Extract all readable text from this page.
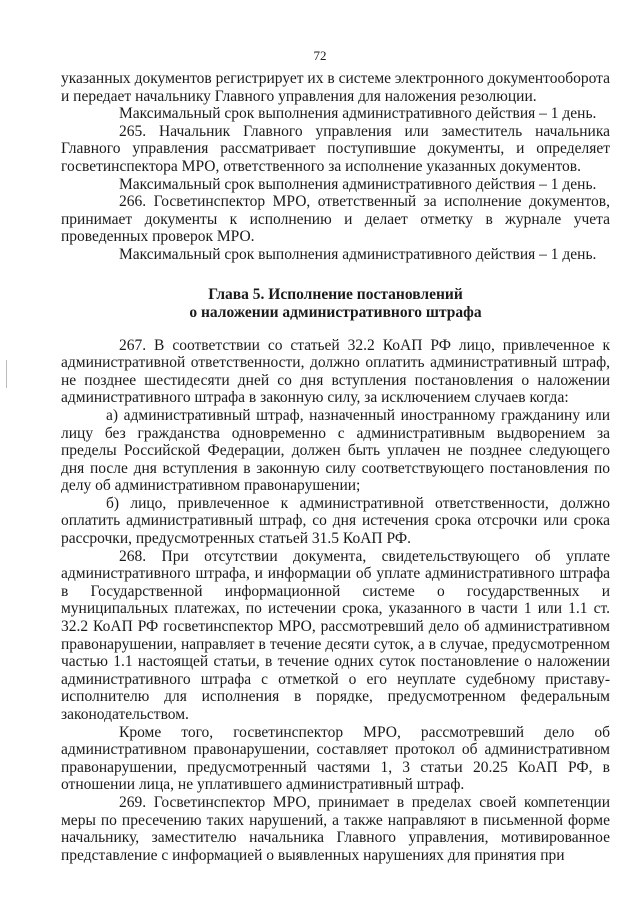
72

указанных документов регистрирует их в системе электронного документооборота и передает начальнику Главного управления для наложения резолюции.

Максимальный срок выполнения административного действия – 1 день.

265. Начальник Главного управления или заместитель начальника Главного управления рассматривает поступившие документы, и определяет госветинспектора МРО, ответственного за исполнение указанных документов.

Максимальный срок выполнения административного действия – 1 день.

266. Госветинспектор МРО, ответственный за исполнение документов, принимает документы к исполнению и делает отметку в журнале учета проведенных проверок МРО.

Максимальный срок выполнения административного действия – 1 день.

Глава 5. Исполнение постановлений
о наложении административного штрафа

267. В соответствии со статьей 32.2 КоАП РФ лицо, привлеченное к административной ответственности, должно оплатить административный штраф, не позднее шестидесяти дней со дня вступления постановления о наложении административного штрафа в законную силу, за исключением случаев когда:

а) административный штраф, назначенный иностранному гражданину или лицу без гражданства одновременно с административным выдворением за пределы Российской Федерации, должен быть уплачен не позднее следующего дня после дня вступления в законную силу соответствующего постановления по делу об административном правонарушении;

б) лицо, привлеченное к административной ответственности, должно оплатить административный штраф, со дня истечения срока отсрочки или срока рассрочки, предусмотренных статьей 31.5 КоАП РФ.

268. При отсутствии документа, свидетельствующего об уплате административного штрафа, и информации об уплате административного штрафа в Государственной информационной системе о государственных и муниципальных платежах, по истечении срока, указанного в части 1 или 1.1 ст. 32.2 КоАП РФ госветинспектор МРО, рассмотревший дело об административном правонарушении, направляет в течение десяти суток, а в случае, предусмотренном частью 1.1 настоящей статьи, в течение одних суток постановление о наложении административного штрафа с отметкой о его неуплате судебному приставу-исполнителю для исполнения в порядке, предусмотренном федеральным законодательством.

Кроме того, госветинспектор МРО, рассмотревший дело об административном правонарушении, составляет протокол об административном правонарушении, предусмотренный частями 1, 3 статьи 20.25 КоАП РФ, в отношении лица, не уплатившего административный штраф.

269. Госветинспектор МРО, принимает в пределах своей компетенции меры по пресечению таких нарушений, а также направляют в письменной форме начальнику, заместителю начальника Главного управления, мотивированное представление с информацией о выявленных нарушениях для принятия при
